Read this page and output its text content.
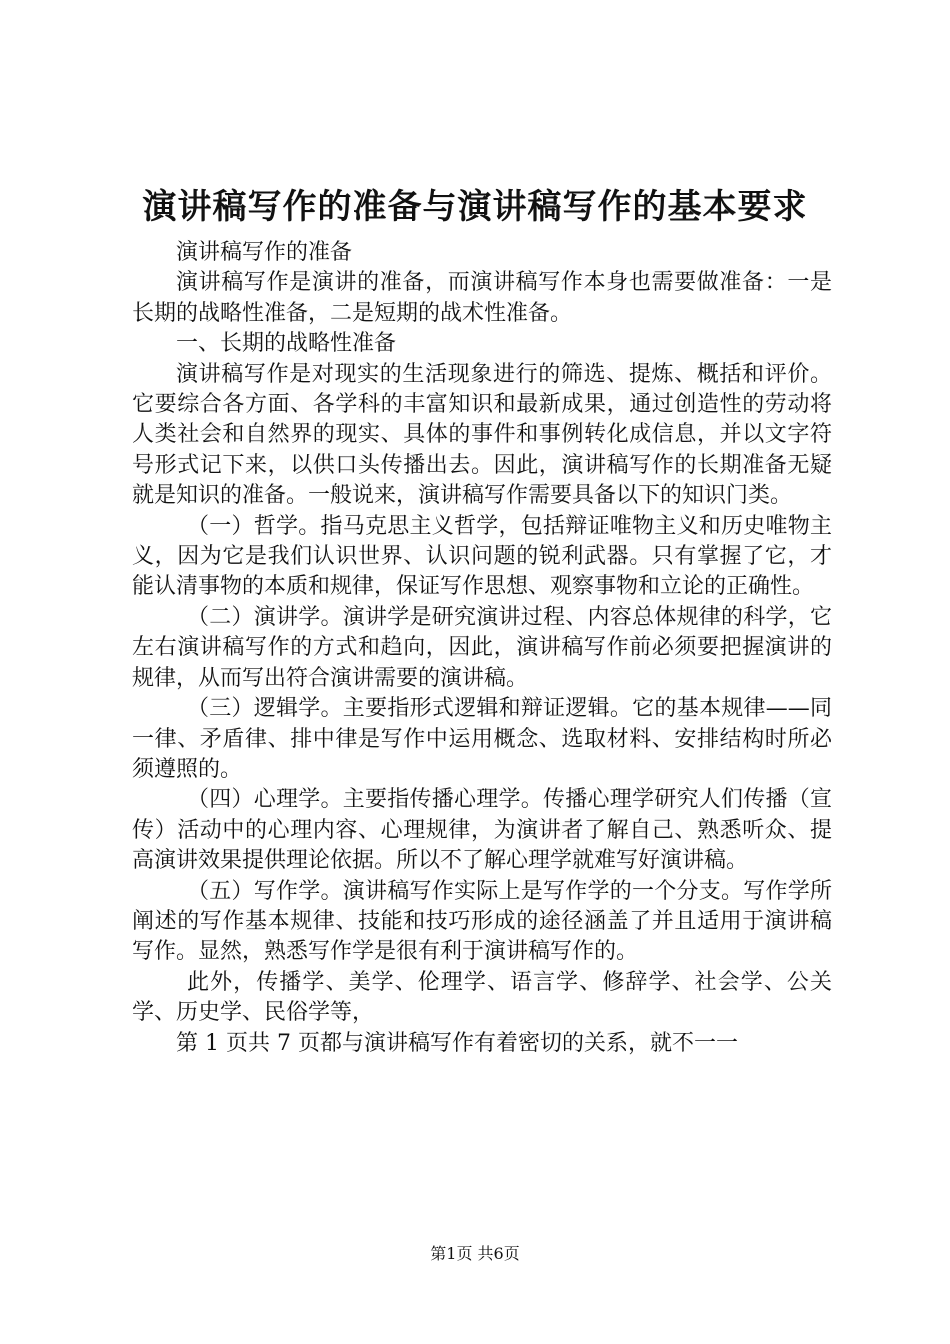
演讲稿写作的准备与演讲稿写作的基本要求

演讲稿写作的准备

演讲稿写作是演讲的准备，而演讲稿写作本身也需要做准备：一是长期的战略性准备，二是短期的战术性准备。

一、长期的战略性准备

演讲稿写作是对现实的生活现象进行的筛选、提炼、概括和评价。它要综合各方面、各学科的丰富知识和最新成果，通过创造性的劳动将人类社会和自然界的现实、具体的事件和事例转化成信息，并以文字符号形式记下来，以供口头传播出去。因此，演讲稿写作的长期准备无疑就是知识的准备。一般说来，演讲稿写作需要具备以下的知识门类。

（一）哲学。指马克思主义哲学，包括辩证唯物主义和历史唯物主义，因为它是我们认识世界、认识问题的锐利武器。只有掌握了它，才能认清事物的本质和规律，保证写作思想、观察事物和立论的正确性。

（二）演讲学。演讲学是研究演讲过程、内容总体规律的科学，它左右演讲稿写作的方式和趋向，因此，演讲稿写作前必须要把握演讲的规律，从而写出符合演讲需要的演讲稿。

（三）逻辑学。主要指形式逻辑和辩证逻辑。它的基本规律——同一律、矛盾律、排中律是写作中运用概念、选取材料、安排结构时所必须遵照的。

（四）心理学。主要指传播心理学。传播心理学研究人们传播（宣传）活动中的心理内容、心理规律，为演讲者了解自己、熟悉听众、提高演讲效果提供理论依据。所以不了解心理学就难写好演讲稿。

（五）写作学。演讲稿写作实际上是写作学的一个分支。写作学所阐述的写作基本规律、技能和技巧形成的途径涵盖了并且适用于演讲稿写作。显然，熟悉写作学是很有利于演讲稿写作的。

此外，传播学、美学、伦理学、语言学、修辞学、社会学、公关学、历史学、民俗学等，

第 1 页共 7 页都与演讲稿写作有着密切的关系，就不一一

第1页 共6页
